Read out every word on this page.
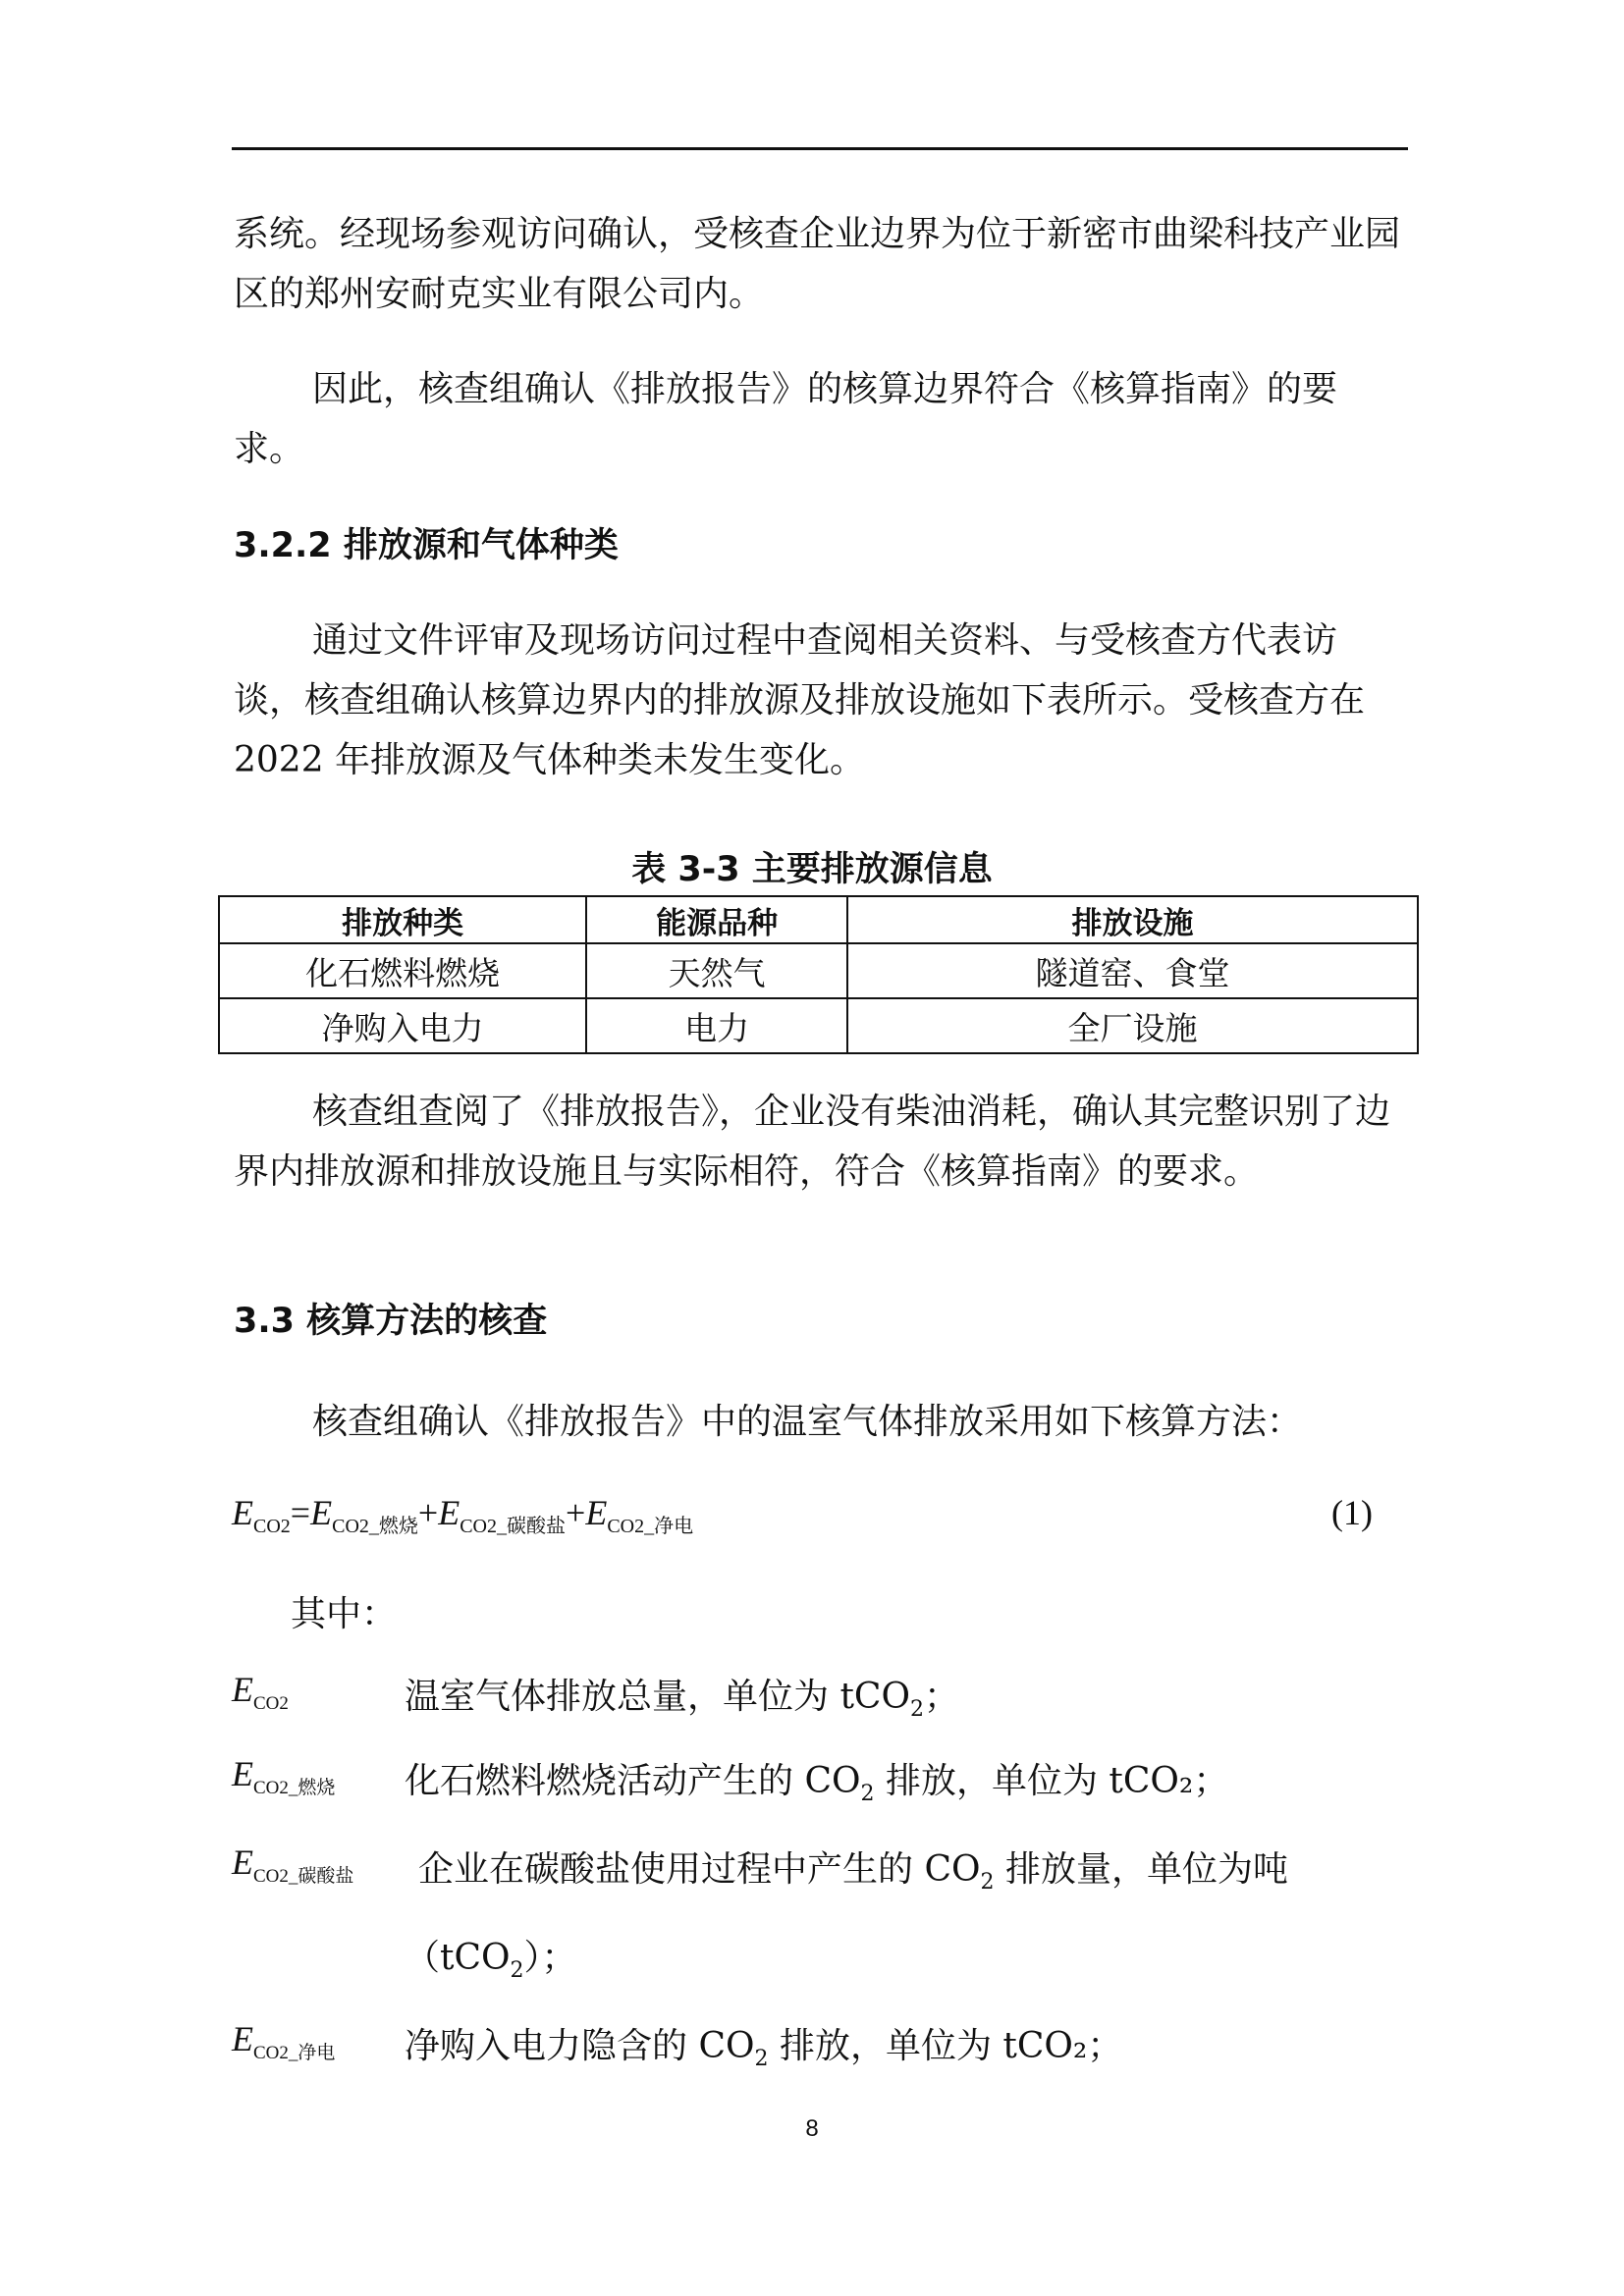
系统。经现场参观访问确认，受核查企业边界为位于新密市曲梁科技产业园区的郑州安耐克实业有限公司内。

因此，核查组确认《排放报告》的核算边界符合《核算指南》的要求。

3.2.2 排放源和气体种类

通过文件评审及现场访问过程中查阅相关资料、与受核查方代表访谈，核查组确认核算边界内的排放源及排放设施如下表所示。受核查方在 2022 年排放源及气体种类未发生变化。

表 3-3 主要排放源信息
排放种类	能源品种	排放设施
化石燃料燃烧	天然气	隧道窑、食堂
净购入电力	电力	全厂设施

核查组查阅了《排放报告》，企业没有柴油消耗，确认其完整识别了边界内排放源和排放设施且与实际相符，符合《核算指南》的要求。

3.3 核算方法的核查

核查组确认《排放报告》中的温室气体排放采用如下核算方法：

$E_{CO2}=E_{CO2\_燃烧}+E_{CO2\_碳酸盐}+E_{CO2\_净电}$	(1)

其中：

$E_{CO2}$	温室气体排放总量，单位为 tCO$_2$；
$E_{CO2\_燃烧}$ 化石燃料燃烧活动产生的 $CO_2$ 排放，单位为 tCO₂；
$E_{CO2\_碳酸盐}$ 企业在碳酸盐使用过程中产生的 $CO_2$ 排放量，单位为吨
（tCO$_2$）；
$E_{CO2\_净电}$ 净购入电力隐含的 $CO_2$ 排放，单位为 tCO₂；
8
